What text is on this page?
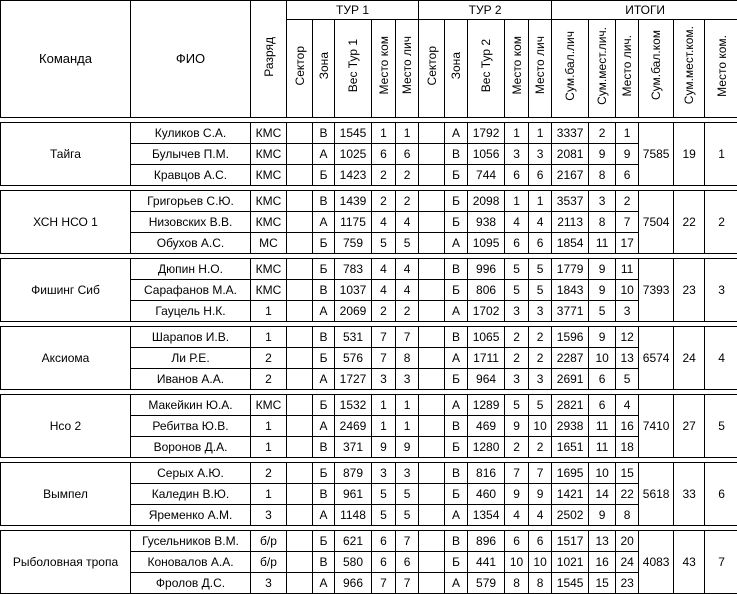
Команда	ФИО	Разряд	ТУР 1					ТУР 2					ИТОГИ					
			Сектор	Зона	Вес Тур 1	Место ком	Место лич	Сектор	Зона	Вес Тур 2	Место ком	Место лич	Сум.бал.лич	Сум.мест.лич.	Место лич.	Сум.бал.ком	Сум.мест.ком.	Место ком.

Тайга	Куликов С.А.	КМС		В	1545	1	1		А	1792	1	1	3337	2	1	7585	19	1
	Булычев П.М.	КМС		А	1025	6	6		В	1056	3	3	2081	9	9			
	Кравцов А.С.	КМС		Б	1423	2	2		Б	744	6	6	2167	8	6			

ХСН НСО 1	Григорьев С.Ю.	КМС		В	1439	2	2		Б	2098	1	1	3537	3	2	7504	22	2
	Низовских В.В.	КМС		А	1175	4	4		Б	938	4	4	2113	8	7			
	Обухов А.С.	МС		Б	759	5	5		А	1095	6	6	1854	11	17			

Фишинг Сиб	Дюпин Н.О.	КМС		Б	783	4	4		В	996	5	5	1779	9	11	7393	23	3
	Сарафанов М.А.	КМС		В	1037	4	4		Б	806	5	5	1843	9	10			
	Гауцель Н.К.	1		А	2069	2	2		А	1702	3	3	3771	5	3			

Аксиома	Шарапов И.В.	1		В	531	7	7		В	1065	2	2	1596	9	12	6574	24	4
	Ли Р.Е.	2		Б	576	7	8		А	1711	2	2	2287	10	13			
	Иванов А.А.	2		А	1727	3	3		Б	964	3	3	2691	6	5			

Нсо 2	Макейкин Ю.А.	КМС		Б	1532	1	1		А	1289	5	5	2821	6	4	7410	27	5
	Ребитва Ю.В.	1		А	2469	1	1		В	469	9	10	2938	11	16			
	Воронов Д.А.	1		В	371	9	9		Б	1280	2	2	1651	11	18			

Вымпел	Серых А.Ю.	2		Б	879	3	3		В	816	7	7	1695	10	15	5618	33	6
	Каледин В.Ю.	1		В	961	5	5		Б	460	9	9	1421	14	22			
	Яременко А.М.	3		А	1148	5	5		А	1354	4	4	2502	9	8			

Рыболовная тропа	Гусельников В.М.	б/р		Б	621	6	7		В	896	6	6	1517	13	20	4083	43	7
	Коновалов А.А.	б/р		В	580	6	6		Б	441	10	10	1021	16	24			
	Фролов Д.С.	3		А	966	7	7		А	579	8	8	1545	15	23			
